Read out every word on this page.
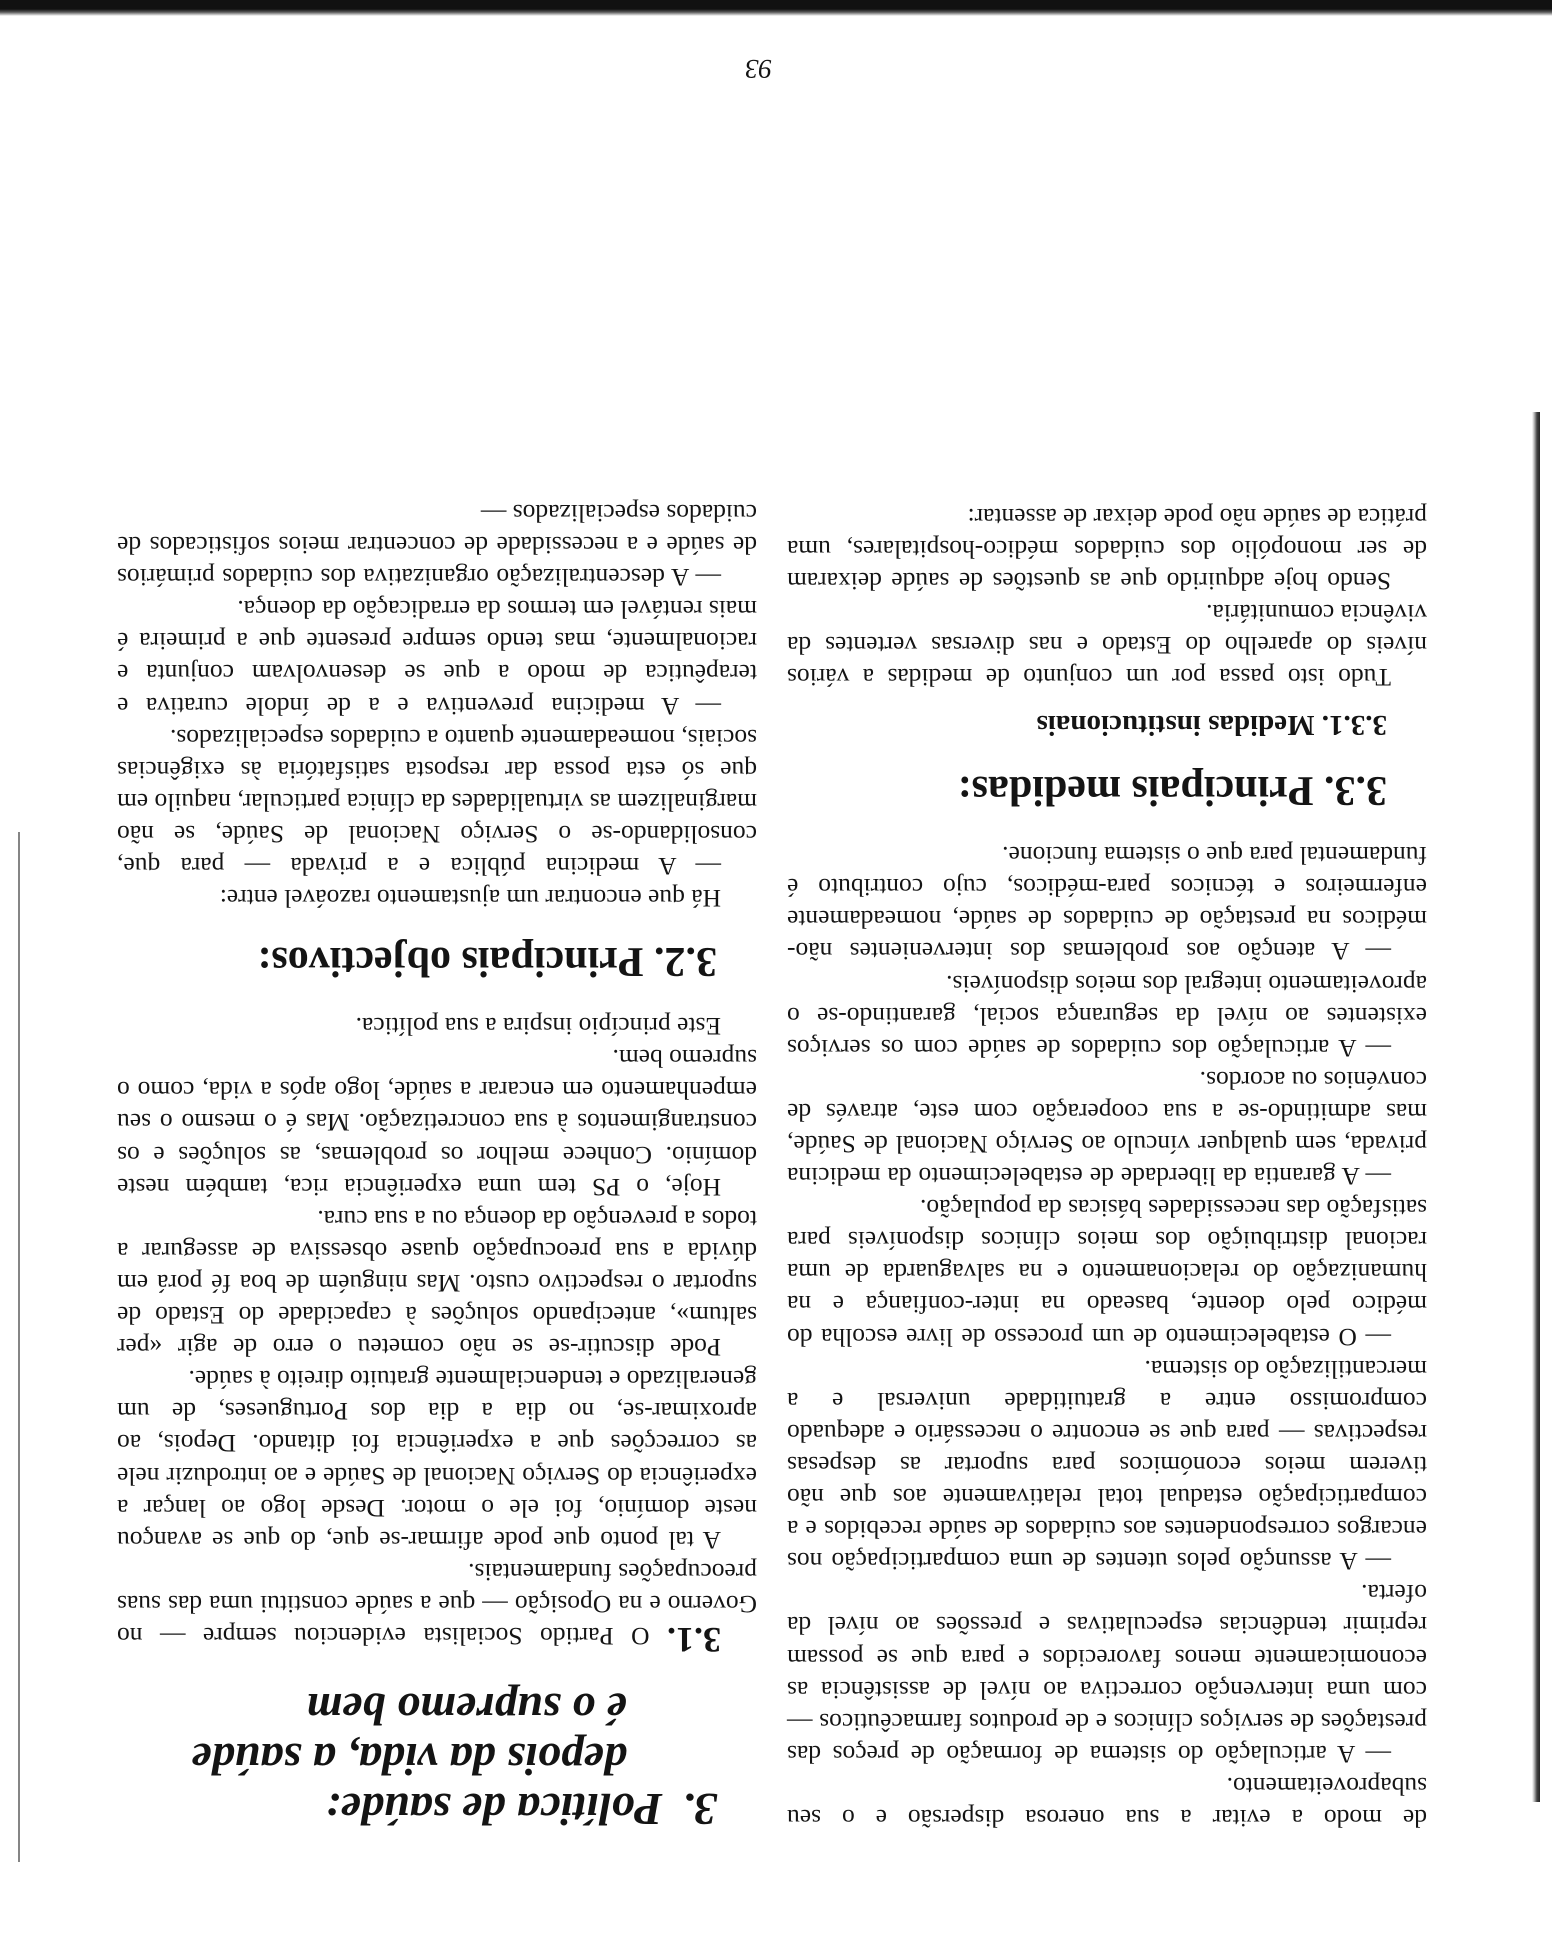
3.Política de saúde:
depois da vida, a saúde
é o supremo bem

3.1. O Partido Socialista evidenciou sempre — no Governo e na Oposição — que a saúde constitui uma das suas preocupações fundamentais.

A tal ponto que pode afirmar-se que, do que se avançou neste domínio, foi ele o motor. Desde logo ao lançar a experiência do Serviço Nacional de Saúde e ao introduzir nele as correcções que a experiência foi ditando. Depois, ao aproximar-se, no dia a dia dos Portugueses, de um generalizado e tendencialmente gratuito direito à saúde.

Pode discutir-se se não cometeu o erro de agir «per saltum», antecipando soluções à capacidade do Estado de suportar o respectivo custo. Mas ninguém de boa fé porá em dúvida a sua preocupação quase obsessiva de assegurar a todos a prevenção da doença ou a sua cura.

Hoje, o PS tem uma experiência rica, também neste domínio. Conhece melhor os problemas, as soluções e os constrangimentos à sua concretização. Mas é o mesmo o seu empenhamento em encarar a saúde, logo após a vida, como o supremo bem.

Este princípio inspira a sua política.

3.2. Principais objectivos:

Há que encontrar um ajustamento razoável entre:

— A medicina pública e a privada — para que, consolidando-se o Serviço Nacional de Saúde, se não marginalizem as virtualidades da clínica particular, naquilo em que só esta possa dar resposta satisfatória às exigências sociais, nomeadamente quanto a cuidados especializados.

— A medicina preventiva e a de índole curativa e terapêutica de modo a que se desenvolvam conjunta e racionalmente, mas tendo sempre presente que a primeira é mais rentável em termos da erradicação da doença.

— A descentralização organizativa dos cuidados primários de saúde e a necessidade de concentrar meios sofisticados de cuidados especializados —

de modo a evitar a sua onerosa dispersão e o seu subaproveitamento.

— A articulação do sistema de formação de preços das prestações de serviços clínicos e de produtos farmacêuticos — com uma intervenção correctiva ao nível de assistência as economicamente menos favorecidos e para que se possam reprimir tendências especulativas e pressões ao nível da oferta.

— A assunção pelos utentes de uma comparticipação nos encargos correspondentes aos cuidados de saúde recebidos e a comparticipação estadual total relativamente aos que não tiverem meios económicos para suportar as despesas respectivas — para que se encontre o necessário e adequado compromisso entre a gratuitidade universal e a mercantilização do sistema.

— O estabelecimento de um processo de livre escolha do médico pelo doente, baseado na inter-confiança e na humanização do relacionamento e na salvaguarda de uma racional distribuição dos meios clínicos disponíveis para satisfação das necessidades básicas da população.

— A garantia da liberdade de estabelecimento da medicina privada, sem qualquer vínculo ao Serviço Nacional de Saúde, mas admitindo-se a sua cooperação com este, através de convénios ou acordos.

— A articulação dos cuidados de saúde com os serviços existentes ao nível da segurança social, garantindo-se o aproveitamento integral dos meios disponíveis.

— A atenção aos problemas dos intervenientes não-médicos na prestação de cuidados de saúde, nomeadamente enfermeiros e técnicos para-médicos, cujo contributo é fundamental para que o sistema funcione.

3.3. Principais medidas:
3.3.1. Medidas institucionais

Tudo isto passa por um conjunto de medidas a vários níveis do aparelho do Estado e nas diversas vertentes da vivência comunitária.

Sendo hoje adquirido que as questões de saúde deixaram de ser monopólio dos cuidados médico-hospitalares, uma prática de saúde não pode deixar de assentar:

93
